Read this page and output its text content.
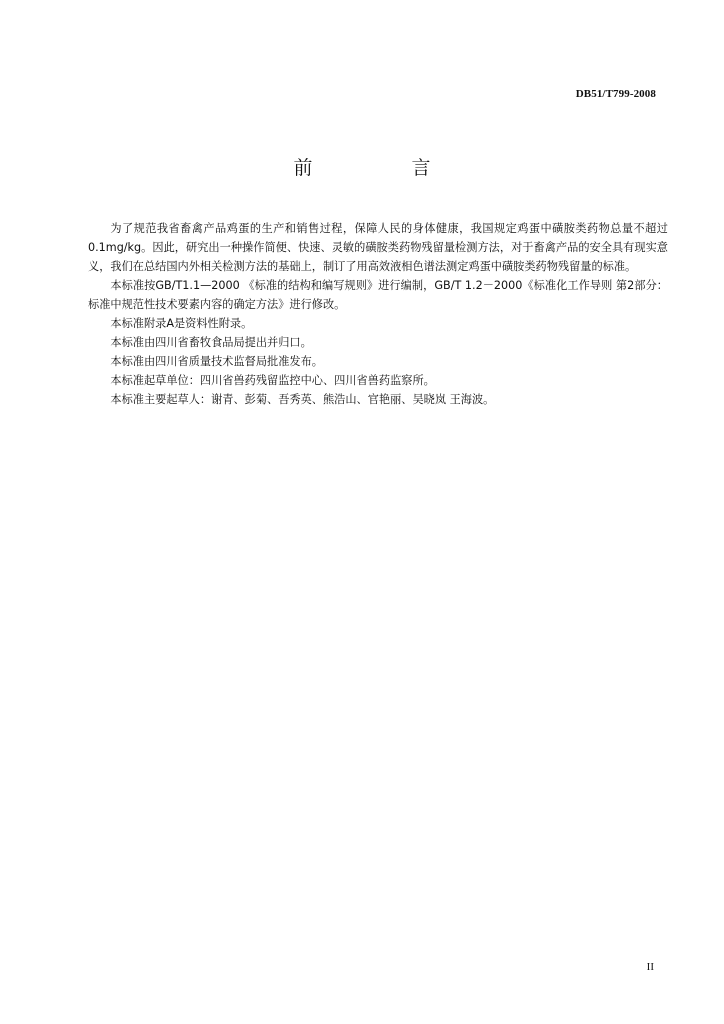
DB51/T799-2008
前　言

为了规范我省畜禽产品鸡蛋的生产和销售过程，保障人民的身体健康，我国规定鸡蛋中磺胺类药物总量不超过0.1mg/kg。因此，研究出一种操作简便、快速、灵敏的磺胺类药物残留量检测方法，对于畜禽产品的安全具有现实意义，我们在总结国内外相关检测方法的基础上，制订了用高效液相色谱法测定鸡蛋中磺胺类药物残留量的标准。

本标准按GB/T1.1—2000 《标准的结构和编写规则》进行编制，GB/T 1.2－2000《标准化工作导则 第2部分：标准中规范性技术要素内容的确定方法》进行修改。

本标准附录A是资料性附录。

本标准由四川省畜牧食品局提出并归口。

本标准由四川省质量技术监督局批准发布。

本标准起草单位：四川省兽药残留监控中心、四川省兽药监察所。

本标准主要起草人：谢青、彭菊、吾秀英、熊浩山、官艳丽、吴晓岚 王海波。

II
